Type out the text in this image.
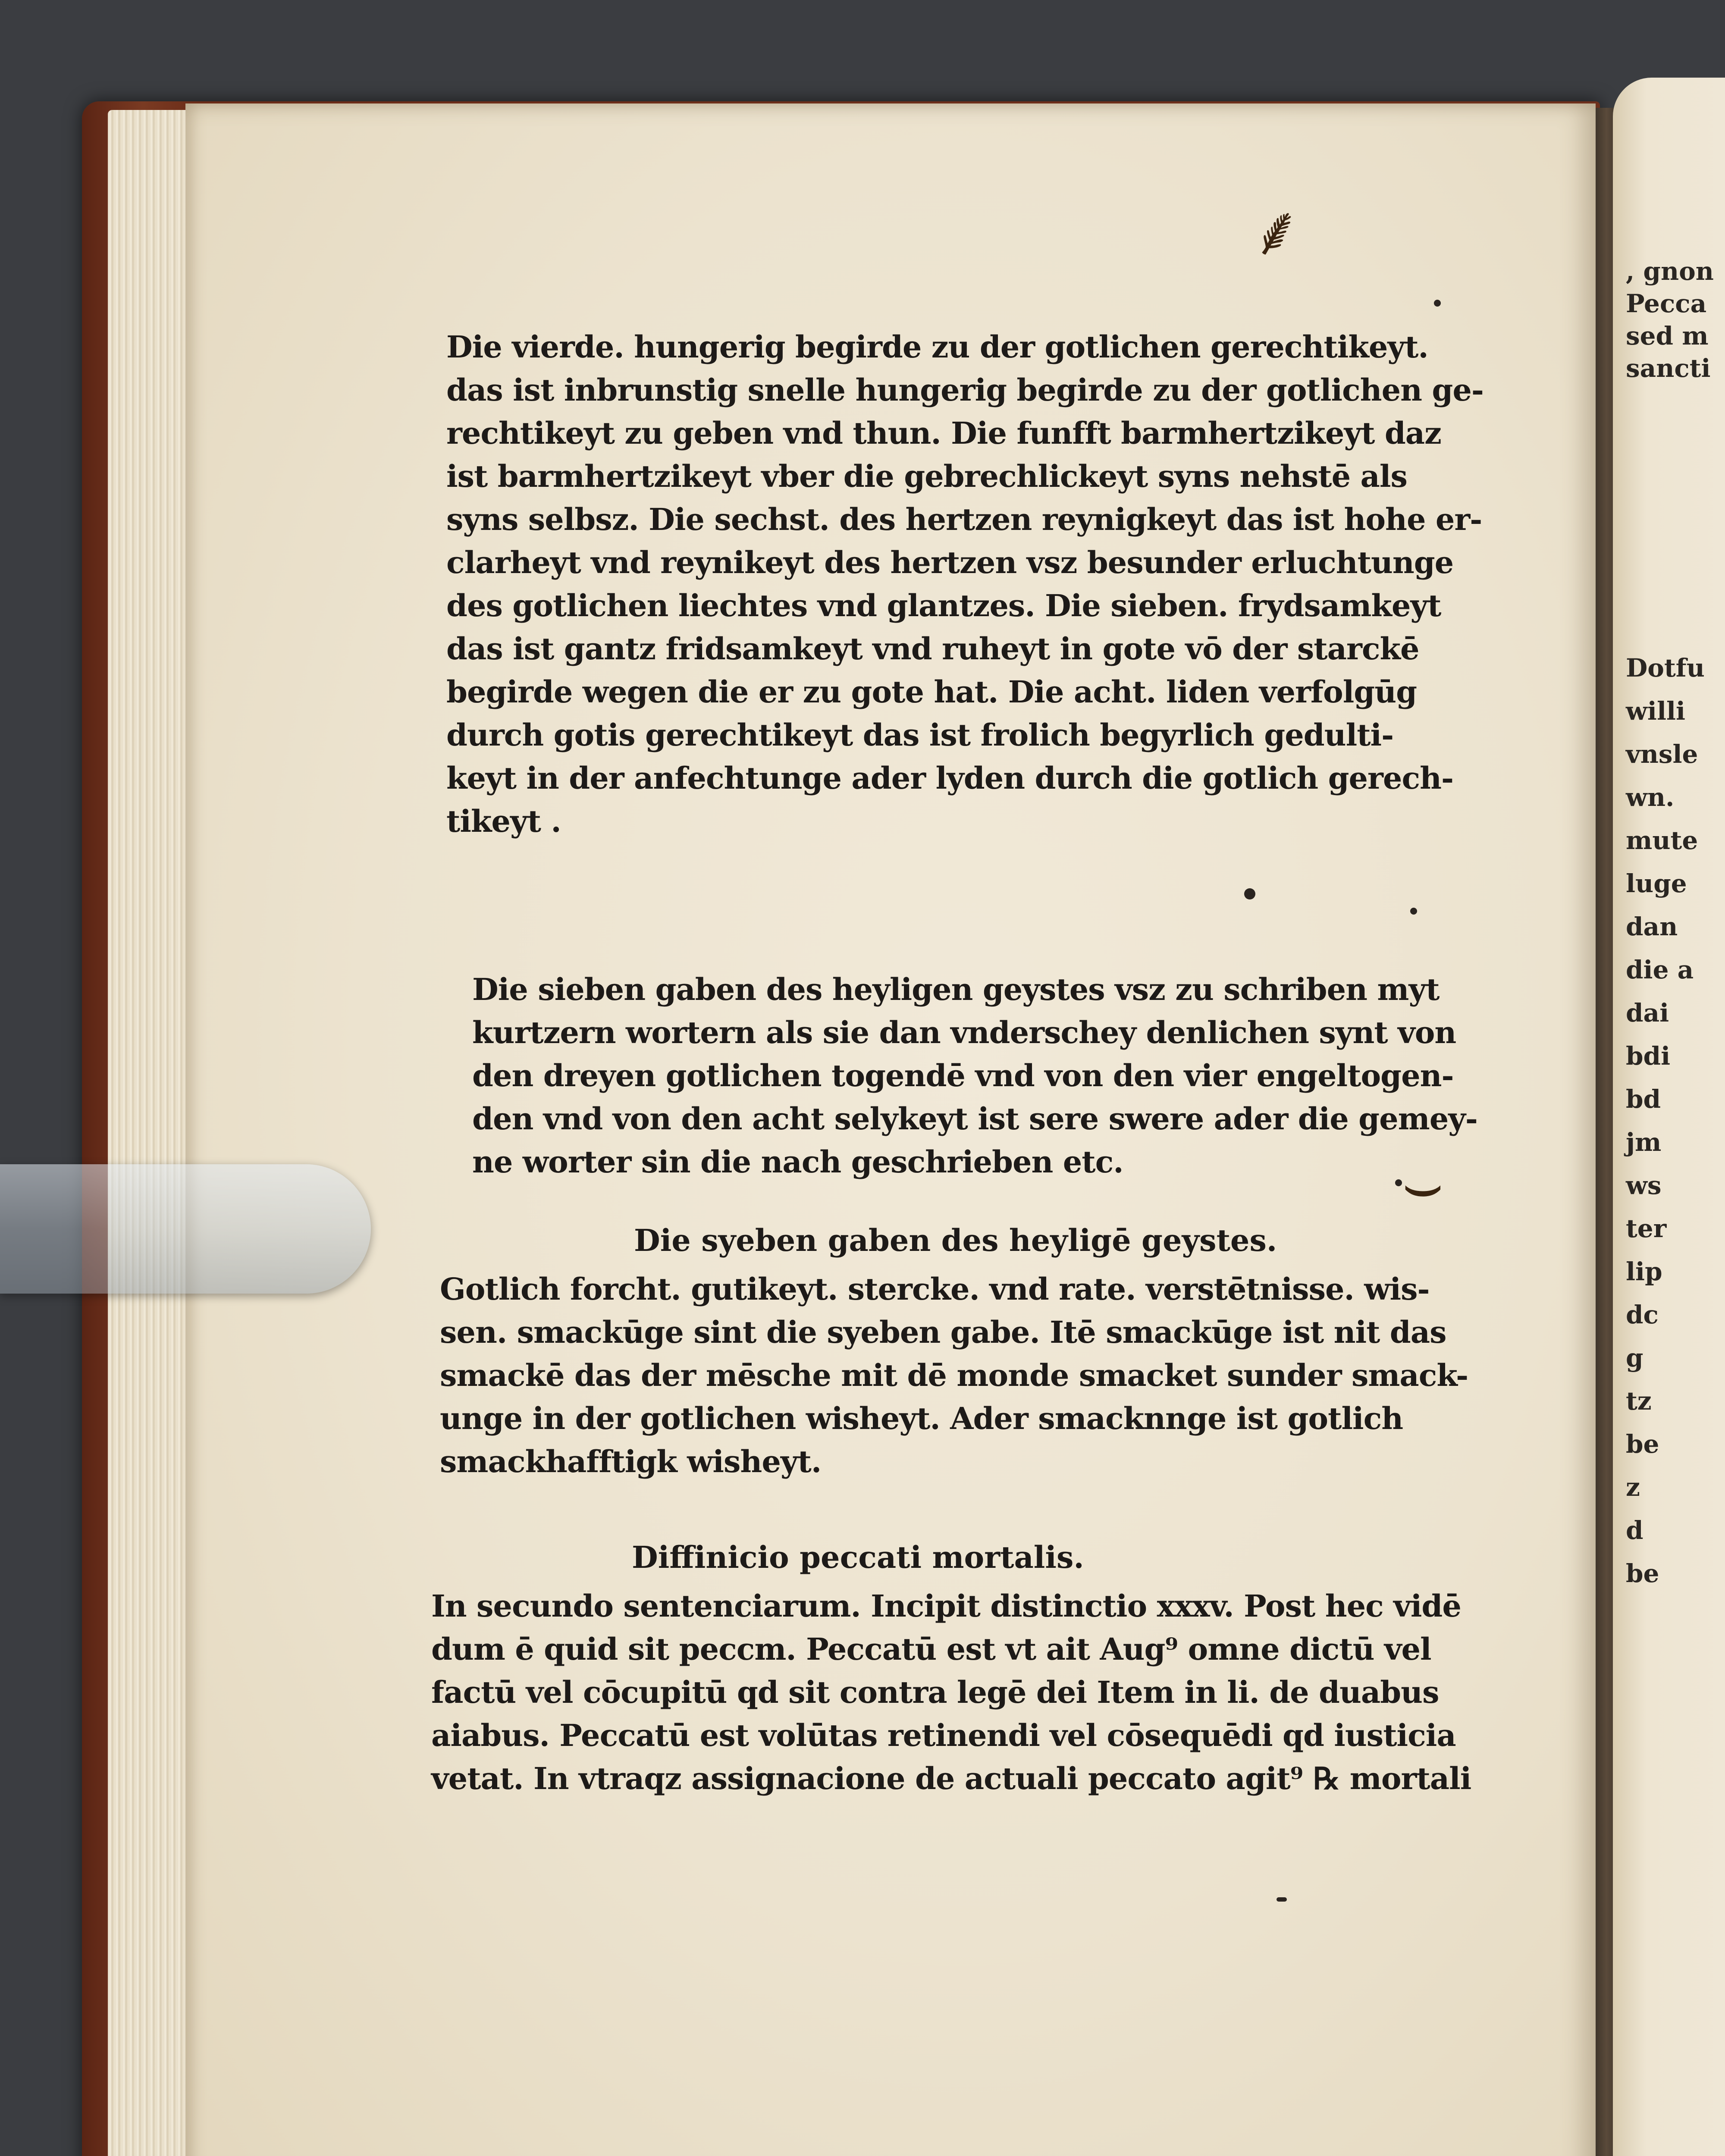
, gnon
Pecca
sed m
sancti
Dotfu
willi
vnsle
wn.
mute
luge
dan
die a
dai
bdi
bd
jm
ws
ter
lip
dc
g
tz
be
z
d
be
Die vierde. hungerig begirde zu der gotlichen gerechtikeyt.
das ist inbrunstig snelle hungerig begirde zu der gotlichen ge-
rechtikeyt zu geben vnd thun. Die funfft barmhertzikeyt daz
ist barmhertzikeyt vber die gebrechlickeyt syns nehstē als
syns selbsz. Die sechst. des hertzen reynigkeyt das ist hohe er-
clarheyt vnd reynikeyt des hertzen vsz besunder erluchtunge
des gotlichen liechtes vnd glantzes. Die sieben. frydsamkeyt
das ist gantz fridsamkeyt vnd ruheyt in gote vō der starckē
begirde wegen die er zu gote hat. Die acht. liden verfolgūg
durch gotis gerechtikeyt das ist frolich begyrlich gedulti-
keyt in der anfechtunge ader lyden durch die gotlich gerech-
tikeyt .
Die sieben gaben des heyligen geystes vsz zu schriben myt
kurtzern wortern als sie dan vnderschey denlichen synt von
den dreyen gotlichen togendē vnd von den vier engeltogen-
den vnd von den acht selykeyt ist sere swere ader die gemey-
ne worter sin die nach geschrieben etc.
Die syeben gaben des heyligē geystes.
Gotlich forcht. gutikeyt. stercke. vnd rate. verstētnisse. wis-
sen. smackūge sint die syeben gabe. Itē smackūge ist nit das
smackē das der mēsche mit dē monde smacket sunder smack-
unge in der gotlichen wisheyt. Ader smacknnge ist gotlich
smackhafftigk wisheyt.
Diffinicio peccati mortalis.
In secundo sentenciarum. Incipit distinctio xxxv. Post hec vidē
dum ē quid sit peccm. Peccatū est vt ait Aug⁹ omne dictū vel
factū vel cōcupitū qd sit contra legē dei Item in li. de duabus
aiabus. Peccatū est volūtas retinendi vel cōsequēdi qd iusticia
vetat. In vtraqz assignacione de actuali peccato agit⁹ ℞ mortali
⸙
⌣
